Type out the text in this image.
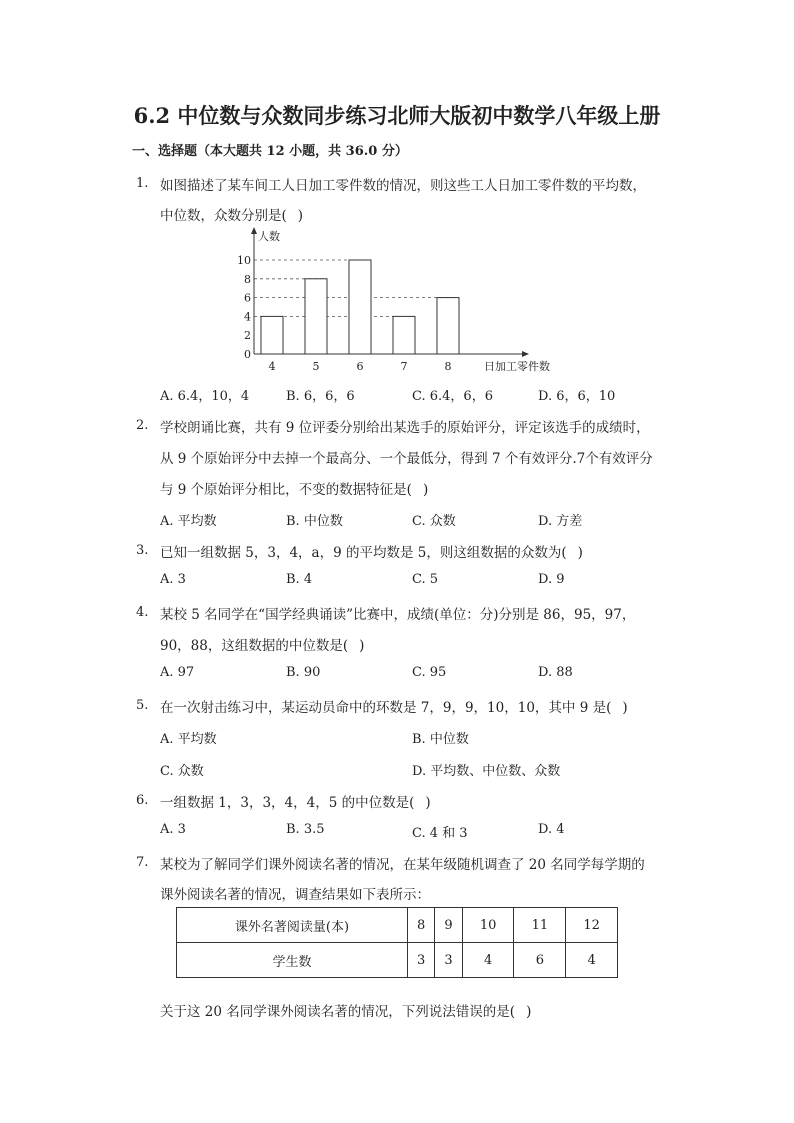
6.2 中位数与众数同步练习北师大版初中数学八年级上册
一、选择题（本大题共 12 小题，共 36.0 分）
1. 如图描述了某车间工人日加工零件数的情况，则这些工人日加工零件数的平均数，
中位数，众数分别是(  )
0
2
4
6
8
10
4	5	6	7	8
人数
日加工零件数
A. 6.4，10，4	B. 6，6，6	C. 6.4，6，6	D. 6，6，10
2. 学校朗诵比赛，共有 9 位评委分别给出某选手的原始评分，评定该选手的成绩时，
从 9 个原始评分中去掉一个最高分、一个最低分，得到 7 个有效评分.7个有效评分
与 9 个原始评分相比，不变的数据特征是(  )
A. 平均数	B. 中位数	C. 众数	D. 方差
3. 已知一组数据 5，3，4，a，9 的平均数是 5，则这组数据的众数为(  )
A. 3	B. 4	C. 5	D. 9
4. 某校 5 名同学在“国学经典诵读”比赛中，成绩(单位：分)分别是 86，95，97，
90，88，这组数据的中位数是(  )
A. 97	B. 90	C. 95	D. 88
5. 在一次射击练习中，某运动员命中的环数是 7，9，9，10，10，其中 9 是(  )
A. 平均数	B. 中位数
C. 众数	D. 平均数、中位数、众数
6. 一组数据 1，3，3，4，4，5 的中位数是(  )
A. 3	B. 3.5	C. 4 和 3	D. 4
7. 某校为了解同学们课外阅读名著的情况，在某年级随机调查了 20 名同学每学期的
课外阅读名著的情况，调查结果如下表所示：
课外名著阅读量(本)	8	9	10	11	12
学生数	3	3	4	6	4
关于这 20 名同学课外阅读名著的情况，下列说法错误的是(  )
